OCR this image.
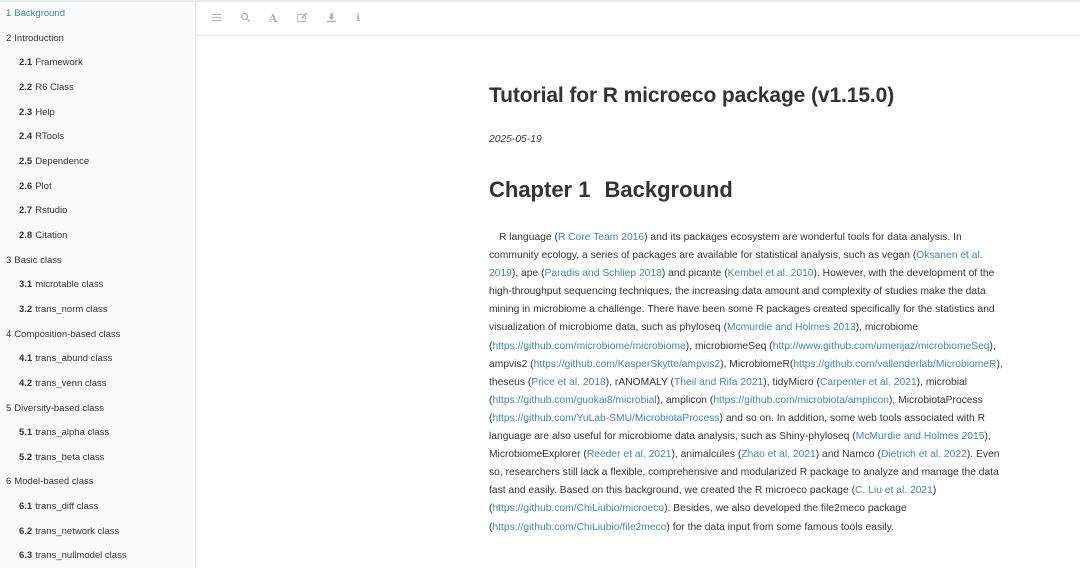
1 Background
2 Introduction
2.1 Framework
2.2 R6 Class
2.3 Help
2.4 RTools
2.5 Dependence
2.6 Plot
2.7 Rstudio
2.8 Citation
3 Basic class
3.1 microtable class
3.2 trans_norm class
4 Composition-based class
4.1 trans_abund class
4.2 trans_venn class
5 Diversity-based class
5.1 trans_alpha class
5.2 trans_beta class
6 Model-based class
6.1 trans_diff class
6.2 trans_network class
6.3 trans_nullmodel class
A	i
Tutorial for R microeco package (v1.15.0)

2025-05-19

Chapter 1 Background

R language (R Core Team 2016) and its packages ecosystem are wonderful tools for data analysis. In community ecology, a series of packages are available for statistical analysis, such as vegan (Oksanen et al. 2019), ape (Paradis and Schliep 2018) and picante (Kembel et al. 2010). However, with the development of the high-throughput sequencing techniques, the increasing data amount and complexity of studies make the data mining in microbiome a challenge. There have been some R packages created specifically for the statistics and visualization of microbiome data, such as phyloseq (Mcmurdie and Holmes 2013), microbiome (https://github.com/microbiome/microbiome), microbiomeSeq (http://www.github.com/umerijaz/microbiomeSeq), ampvis2 (https://github.com/KasperSkytte/ampvis2), MicrobiomeR(https://github.com/vallenderlab/MicrobiomeR), theseus (Price et al. 2018), rANOMALY (Theil and Rifa 2021), tidyMicro (Carpenter et al. 2021), microbial (https://github.com/guokai8/microbial), amplicon (https://github.com/microbiota/amplicon), MicrobiotaProcess (https://github.com/YuLab-SMU/MicrobiotaProcess) and so on. In addition, some web tools associated with R language are also useful for microbiome data analysis, such as Shiny-phyloseq (McMurdie and Holmes 2015), MicrobiomeExplorer (Reeder et al. 2021), animalcules (Zhao et al. 2021) and Namco (Dietrich et al. 2022). Even so, researchers still lack a flexible, comprehensive and modularized R package to analyze and manage the data fast and easily. Based on this background, we created the R microeco package (C. Liu et al. 2021) (https://github.com/ChiLiubio/microeco). Besides, we also developed the file2meco package (https://github.com/ChiLiubio/file2meco) for the data input from some famous tools easily.
